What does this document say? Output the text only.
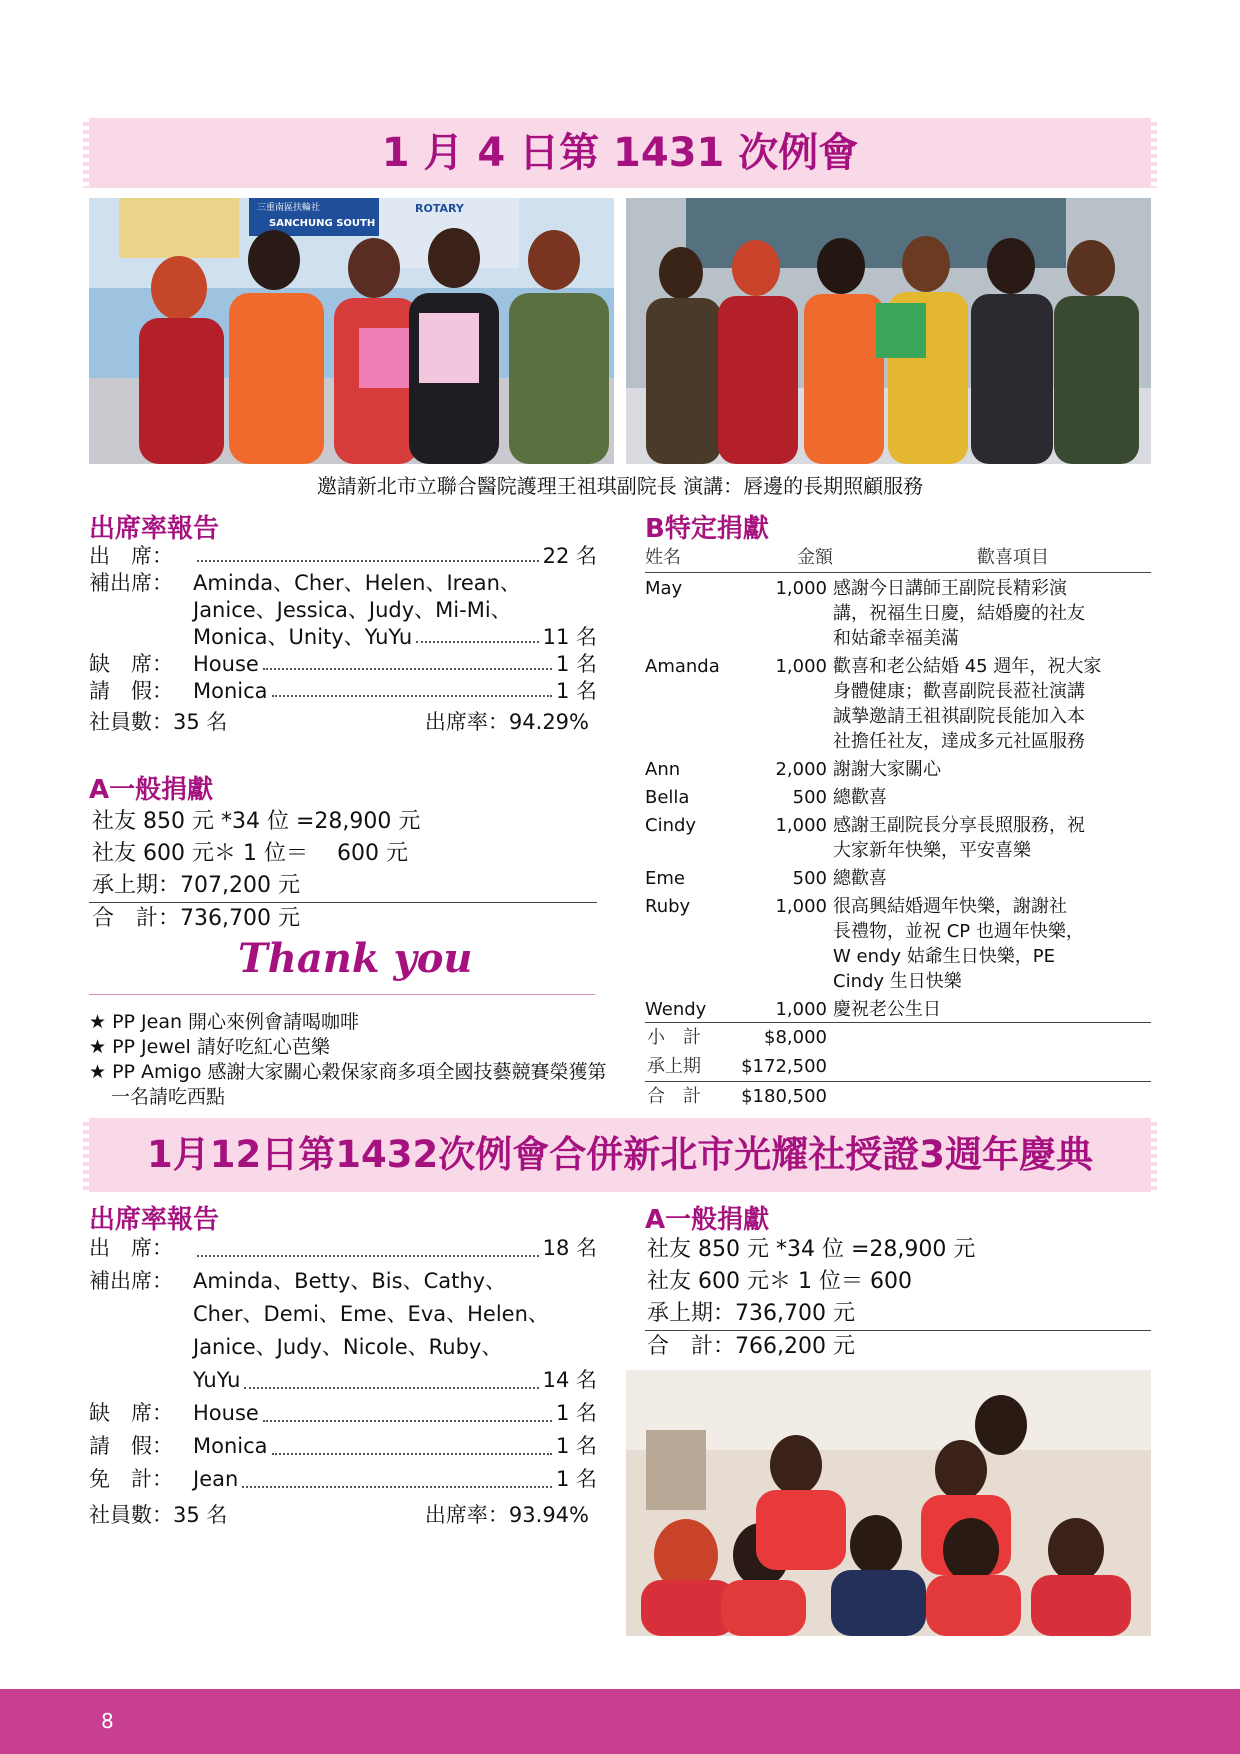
1 月 4 日第 1431 次例會
三重南區扶輪社
SANCHUNG SOUTH
ROTARY
邀請新北市立聯合醫院護理王祖琪副院長 演講：唇邊的長期照顧服務
出席率報告
出　席：	22 名
補出席： Aminda、Cher、Helen、Irean、
Janice、Jessica、Judy、Mi-Mi、
Monica、Unity、YuYu	11 名
缺　席： House	1 名
請　假： Monica	1 名
社員數：35 名	出席率：94.29%
A一般捐獻
社友 850 元 *34 位 =28,900 元
社友 600 元＊ 1 位＝　 600 元
承上期：707,200 元
合　計：736,700 元
Thank you
★ PP Jean 開心來例會請喝咖啡
★ PP Jewel 請好吃紅心芭樂
★ PP Amigo 感謝大家關心穀保家商多項全國技藝競賽榮獲第一名請吃西點
B特定捐獻
姓名	金額	歡喜項目
May	1,000 感謝今日講師王副院長精彩演
講，祝福生日慶，結婚慶的社友
和姑爺幸福美滿
Amanda	1,000 歡喜和老公結婚 45 週年，祝大家
身體健康；歡喜副院長蒞社演講
誠摯邀請王祖祺副院長能加入本
社擔任社友，達成多元社區服務
Ann	2,000 謝謝大家關心
Bella	500 總歡喜
Cindy	1,000 感謝王副院長分享長照服務，祝
大家新年快樂，平安喜樂
Eme	500 總歡喜
Ruby	1,000 很高興結婚週年快樂，謝謝社
長禮物，並祝 CP 也週年快樂，
W endy 姑爺生日快樂，PE
Cindy 生日快樂
Wendy	1,000 慶祝老公生日
小　計	$8,000
承上期	$172,500
合　計	$180,500
1月12日第1432次例會合併新北市光耀社授證3週年慶典
出席率報告
出　席：	18 名
補出席： Aminda、Betty、Bis、Cathy、
Cher、Demi、Eme、Eva、Helen、
Janice、Judy、Nicole、Ruby、
YuYu	14 名
缺　席： House	1 名
請　假： Monica	1 名
免　計： Jean	1 名
社員數：35 名	出席率：93.94%
A一般捐獻
社友 850 元 *34 位 =28,900 元
社友 600 元＊ 1 位＝ 600
承上期：736,700 元
合　計：766,200 元
8
